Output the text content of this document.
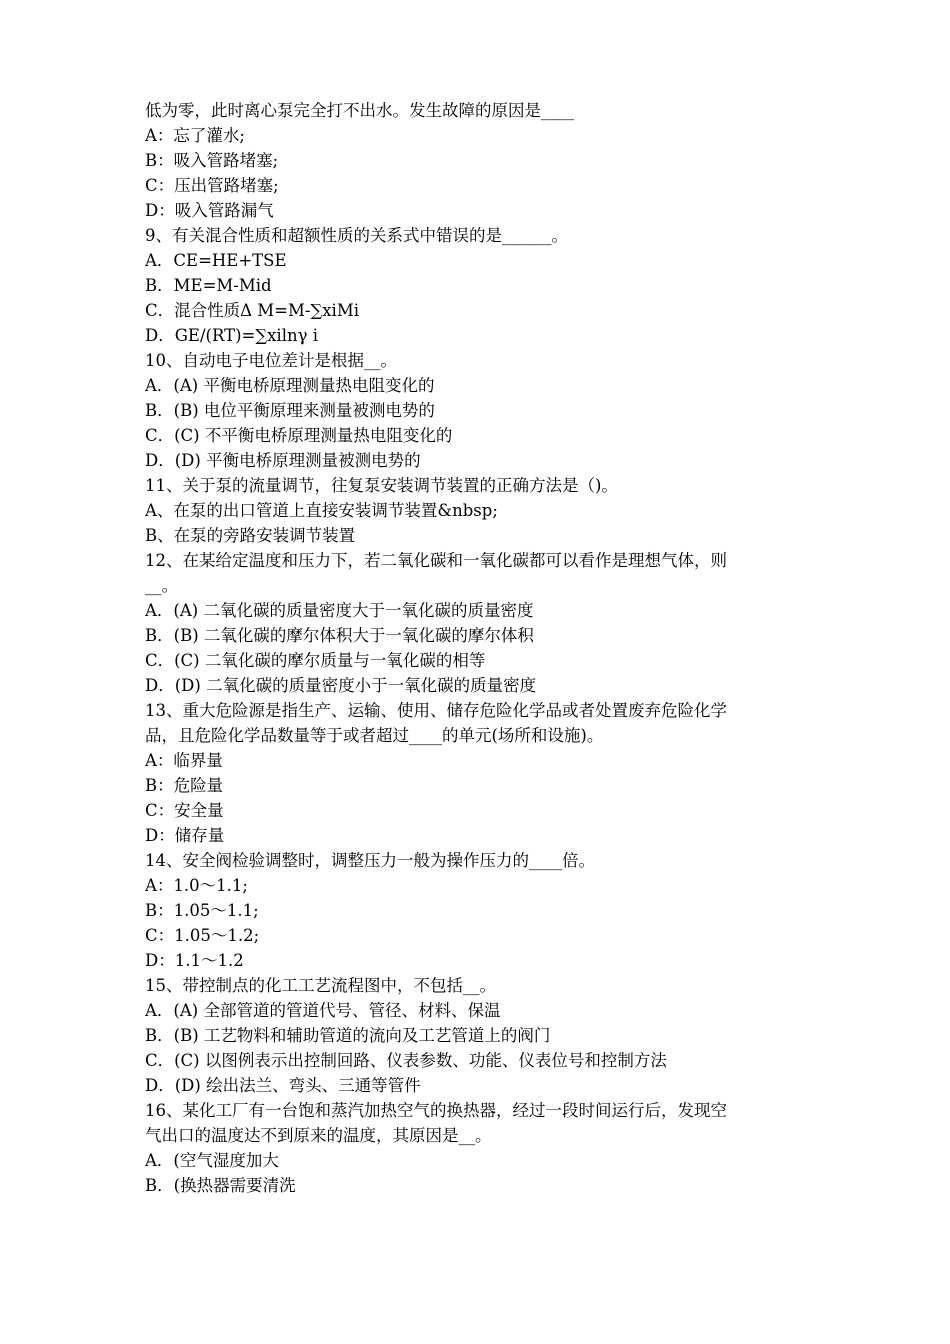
低为零，此时离心泵完全打不出水。发生故障的原因是____
A：忘了灌水;
B：吸入管路堵塞;
C：压出管路堵塞;
D：吸入管路漏气
9、有关混合性质和超额性质的关系式中错误的是______。
A．CE=HE+TSE
B．ME=M-Mid
C．混合性质Δ M=M-∑xiMi
D．GE/(RT)=∑xilnγ i
10、自动电子电位差计是根据__。
A．(A) 平衡电桥原理测量热电阻变化的
B．(B) 电位平衡原理来测量被测电势的
C．(C) 不平衡电桥原理测量热电阻变化的
D．(D) 平衡电桥原理测量被测电势的
11、关于泵的流量调节，往复泵安装调节装置的正确方法是（)。
A、在泵的出口管道上直接安装调节装置&nbsp;
B、在泵的旁路安装调节装置
12、在某给定温度和压力下，若二氧化碳和一氧化碳都可以看作是理想气体，则
__。
A．(A) 二氧化碳的质量密度大于一氧化碳的质量密度
B．(B) 二氧化碳的摩尔体积大于一氧化碳的摩尔体积
C．(C) 二氧化碳的摩尔质量与一氧化碳的相等
D．(D) 二氧化碳的质量密度小于一氧化碳的质量密度
13、重大危险源是指生产、运输、使用、储存危险化学品或者处置废弃危险化学
品，且危险化学品数量等于或者超过____的单元(场所和设施)。
A：临界量
B：危险量
C：安全量
D：储存量
14、安全阀检验调整时，调整压力一般为操作压力的____倍。
A：1.0～1.1;
B：1.05～1.1;
C：1.05～1.2;
D：1.1～1.2
15、带控制点的化工工艺流程图中，不包括__。
A．(A) 全部管道的管道代号、管径、材料、保温
B．(B) 工艺物料和辅助管道的流向及工艺管道上的阀门
C．(C) 以图例表示出控制回路、仪表参数、功能、仪表位号和控制方法
D．(D) 绘出法兰、弯头、三通等管件
16、某化工厂有一台饱和蒸汽加热空气的换热器，经过一段时间运行后，发现空
气出口的温度达不到原来的温度，其原因是__。
A．(空气湿度加大
B．(换热器需要清洗
